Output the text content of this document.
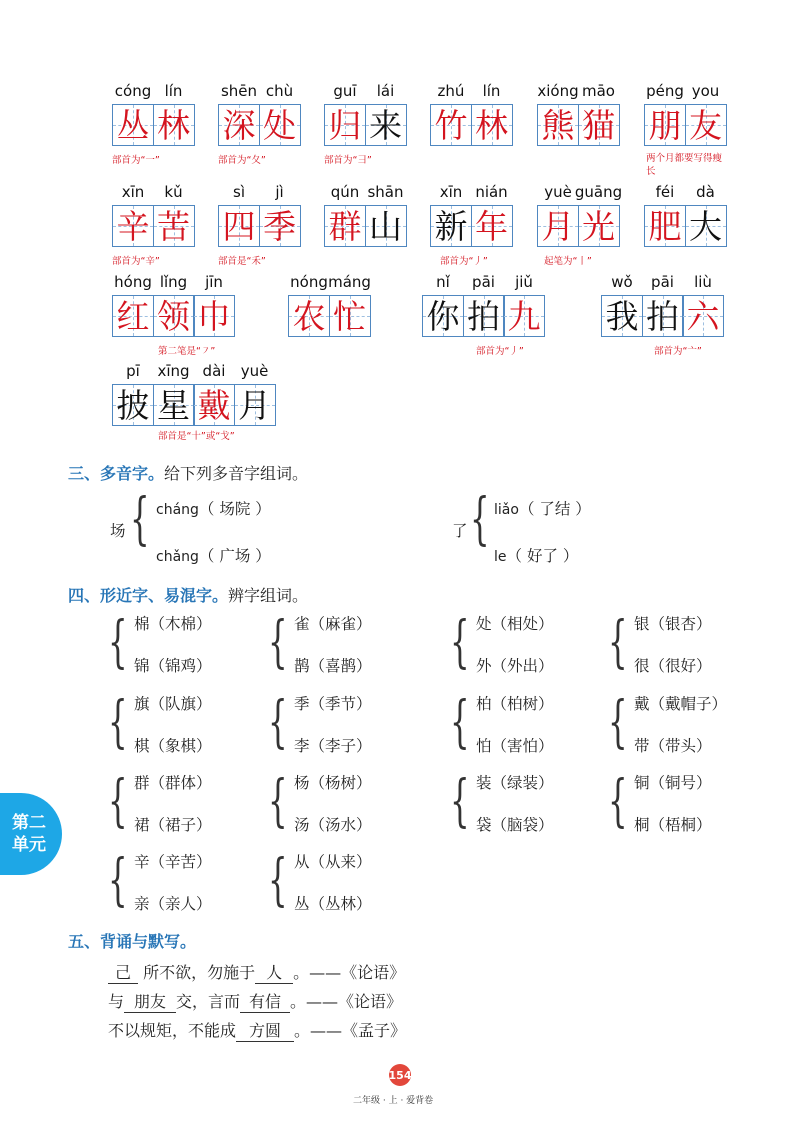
cóng lín
丛 林
部首为“一”
shēn chù
深 处
部首为“夂”
guī lái
归 来
部首为“彐”
zhú lín
竹 林
xióng māo
熊 猫
péng you
朋 友
两个月都要写得瘦长
xīn kǔ
辛 苦
部首为“辛”
sì jì
四 季
部首是“禾”
qún shān
群 山
xīn nián
新 年
部首为“丿”
yuè guāng
月 光
起笔为“丨”
féi dà
肥 大
hóng lǐng jīn
红 领 巾
第二笔是“㇇”
nóng máng
农 忙
nǐ pāi jiǔ
你 拍 九
部首为“丿”
wǒ pāi liù
我 拍 六
部首为“亠”
pī xīng dài yuè
披 星 戴 月
部首是“十”或“戈”
三、多音字。给下列多音字组词。
场 { cháng（ 场院 ）
chǎng（ 广场 ）
了 { liǎo（ 了结 ）
le（ 好了 ）
四、形近字、易混字。辨字组词。
{ 棉（木棉）
锦（锦鸡） { 雀（麻雀）
鹊（喜鹊） { 处（相处）
外（外出） { 银（银杏）
很（很好）
{ 旗（队旗）
棋（象棋） { 季（季节）
李（李子） { 柏（柏树）
怕（害怕） { 戴（戴帽子）
带（带头）
{ 群（群体）
裙（裙子） { 杨（杨树）
汤（汤水） { 装（绿装）
袋（脑袋） { 铜（铜号）
桐（梧桐）
{ 辛（辛苦）
亲（亲人） { 从（从来）
丛（丛林）
五、背诵与默写。
己 所不欲，勿施于 人 。——《论语》
与 朋友 交，言而 有信 。——《论语》
不以规矩，不能成 方圆 。——《孟子》
第二
单元
154
二年级 · 上 · 爱背卷
